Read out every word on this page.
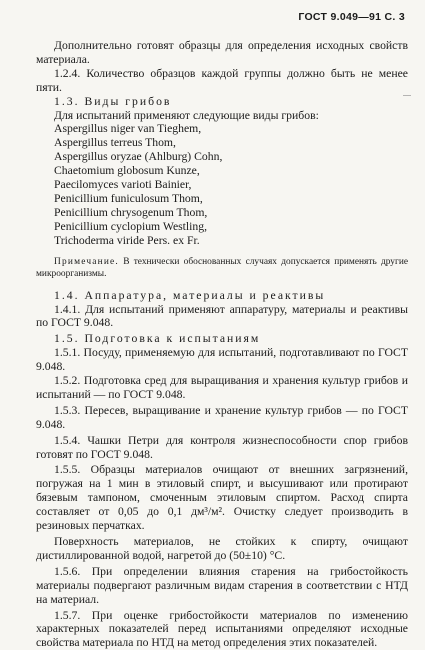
ГОСТ 9.049—91 С. 3

Дополнительно готовят образцы для определения исходных свойств материала.

1.2.4. Количество образцов каждой группы должно быть не менее пяти.

1.3. Виды грибов

Для испытаний применяют следующие виды грибов:

Aspergillus niger van Tieghem,
Aspergillus terreus Thom,
Aspergillus oryzae (Ahlburg) Cohn,
Chaetomium globosum Kunze,
Paecilomyces varioti Bainier,
Penicillium funiculosum Thom,
Penicillium chrysogenum Thom,
Penicillium cyclopium Westling,
Trichoderma viride Pers. ex Fr.

Примечание. В технически обоснованных случаях допускается применять другие микроорганизмы.

1.4. Аппаратура, материалы и реактивы

1.4.1. Для испытаний применяют аппаратуру, материалы и реактивы по ГОСТ 9.048.

1.5. Подготовка к испытаниям

1.5.1. Посуду, применяемую для испытаний, подготавливают по ГОСТ 9.048.

1.5.2. Подготовка сред для выращивания и хранения культур грибов и испытаний — по ГОСТ 9.048.

1.5.3. Пересев, выращивание и хранение культур грибов — по ГОСТ 9.048.

1.5.4. Чашки Петри для контроля жизнеспособности спор грибов готовят по ГОСТ 9.048.

1.5.5. Образцы материалов очищают от внешних загрязнений, погружая на 1 мин в этиловый спирт, и высушивают или протирают бязевым тампоном, смоченным этиловым спиртом. Расход спирта составляет от 0,05 до 0,1 дм³/м². Очистку следует производить в резиновых перчатках.

Поверхность материалов, не стойких к спирту, очищают дистиллированной водой, нагретой до (50±10) °С.

1.5.6. При определении влияния старения на грибостойкость материалы подвергают различным видам старения в соответствии с НТД на материал.

1.5.7. При оценке грибостойкости материалов по изменению характерных показателей перед испытаниями определяют исходные свойства материала по НТД на метод определения этих показателей.
